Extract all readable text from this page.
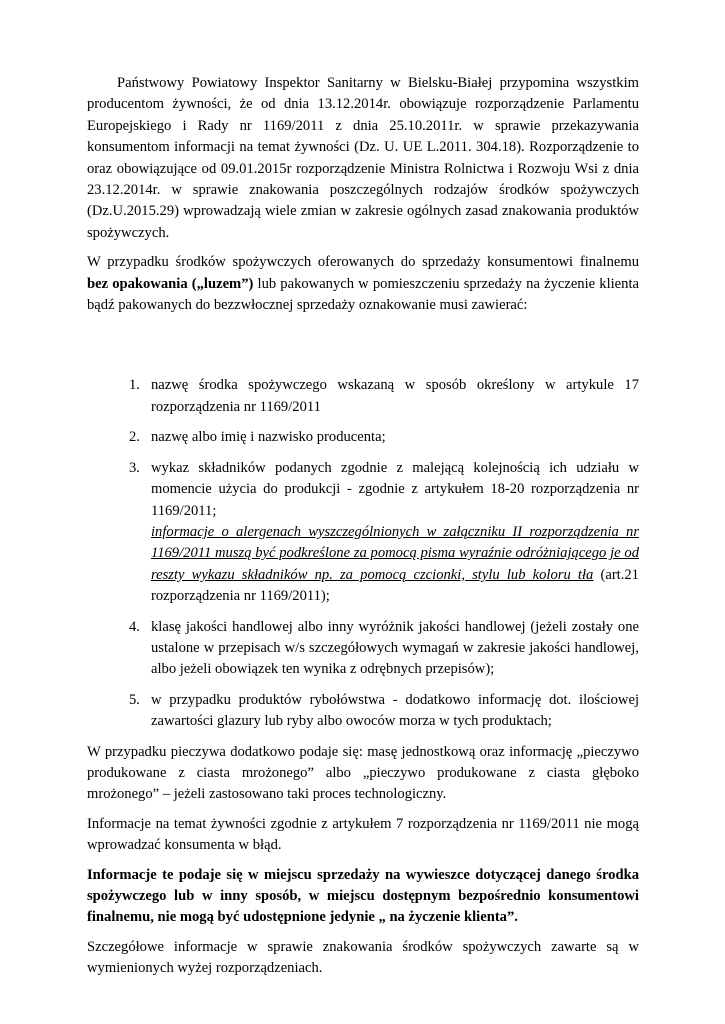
Państwowy Powiatowy Inspektor Sanitarny w Bielsku-Białej przypomina wszystkim producentom żywności, że od dnia 13.12.2014r. obowiązuje rozporządzenie Parlamentu Europejskiego i Rady nr 1169/2011 z dnia 25.10.2011r. w sprawie przekazywania konsumentom informacji na temat żywności (Dz. U. UE L.2011. 304.18). Rozporządzenie to oraz obowiązujące od 09.01.2015r rozporządzenie Ministra Rolnictwa i Rozwoju Wsi z dnia 23.12.2014r. w sprawie znakowania poszczególnych rodzajów środków spożywczych (Dz.U.2015.29) wprowadzają wiele zmian w zakresie ogólnych zasad znakowania produktów spożywczych.

W przypadku środków spożywczych oferowanych do sprzedaży konsumentowi finalnemu bez opakowania („luzem”) lub pakowanych w pomieszczeniu sprzedaży na życzenie klienta bądź pakowanych do bezzwłocznej sprzedaży oznakowanie musi zawierać:

1. nazwę środka spożywczego wskazaną w sposób określony w artykule 17 rozporządzenia nr 1169/2011
2. nazwę albo imię i nazwisko producenta;
3. wykaz składników podanych zgodnie z malejącą kolejnością ich udziału w momencie użycia do produkcji - zgodnie z artykułem 18-20 rozporządzenia nr 1169/2011;
informacje o alergenach wyszczególnionych w załączniku II rozporządzenia nr 1169/2011 muszą być podkreślone za pomocą pisma wyraźnie odróżniającego je od reszty wykazu składników np. za pomocą czcionki, stylu lub koloru tła (art.21 rozporządzenia nr 1169/2011);
4. klasę jakości handlowej albo inny wyróżnik jakości handlowej (jeżeli zostały one ustalone w przepisach w/s szczegółowych wymagań w zakresie jakości handlowej, albo jeżeli obowiązek ten wynika z odrębnych przepisów);
5. w przypadku produktów rybołówstwa - dodatkowo informację dot. ilościowej zawartości glazury lub ryby albo owoców morza w tych produktach;

W przypadku pieczywa dodatkowo podaje się: masę jednostkową oraz informację „pieczywo produkowane z ciasta mrożonego” albo „pieczywo produkowane z ciasta głęboko mrożonego” – jeżeli zastosowano taki proces technologiczny.

Informacje na temat żywności zgodnie z artykułem 7 rozporządzenia nr 1169/2011 nie mogą wprowadzać konsumenta w błąd.

Informacje te podaje się w miejscu sprzedaży na wywieszce dotyczącej danego środka spożywczego lub w inny sposób, w miejscu dostępnym bezpośrednio konsumentowi finalnemu, nie mogą być udostępnione jedynie „ na życzenie klienta”.

Szczegółowe informacje w sprawie znakowania środków spożywczych zawarte są w wymienionych wyżej rozporządzeniach.
